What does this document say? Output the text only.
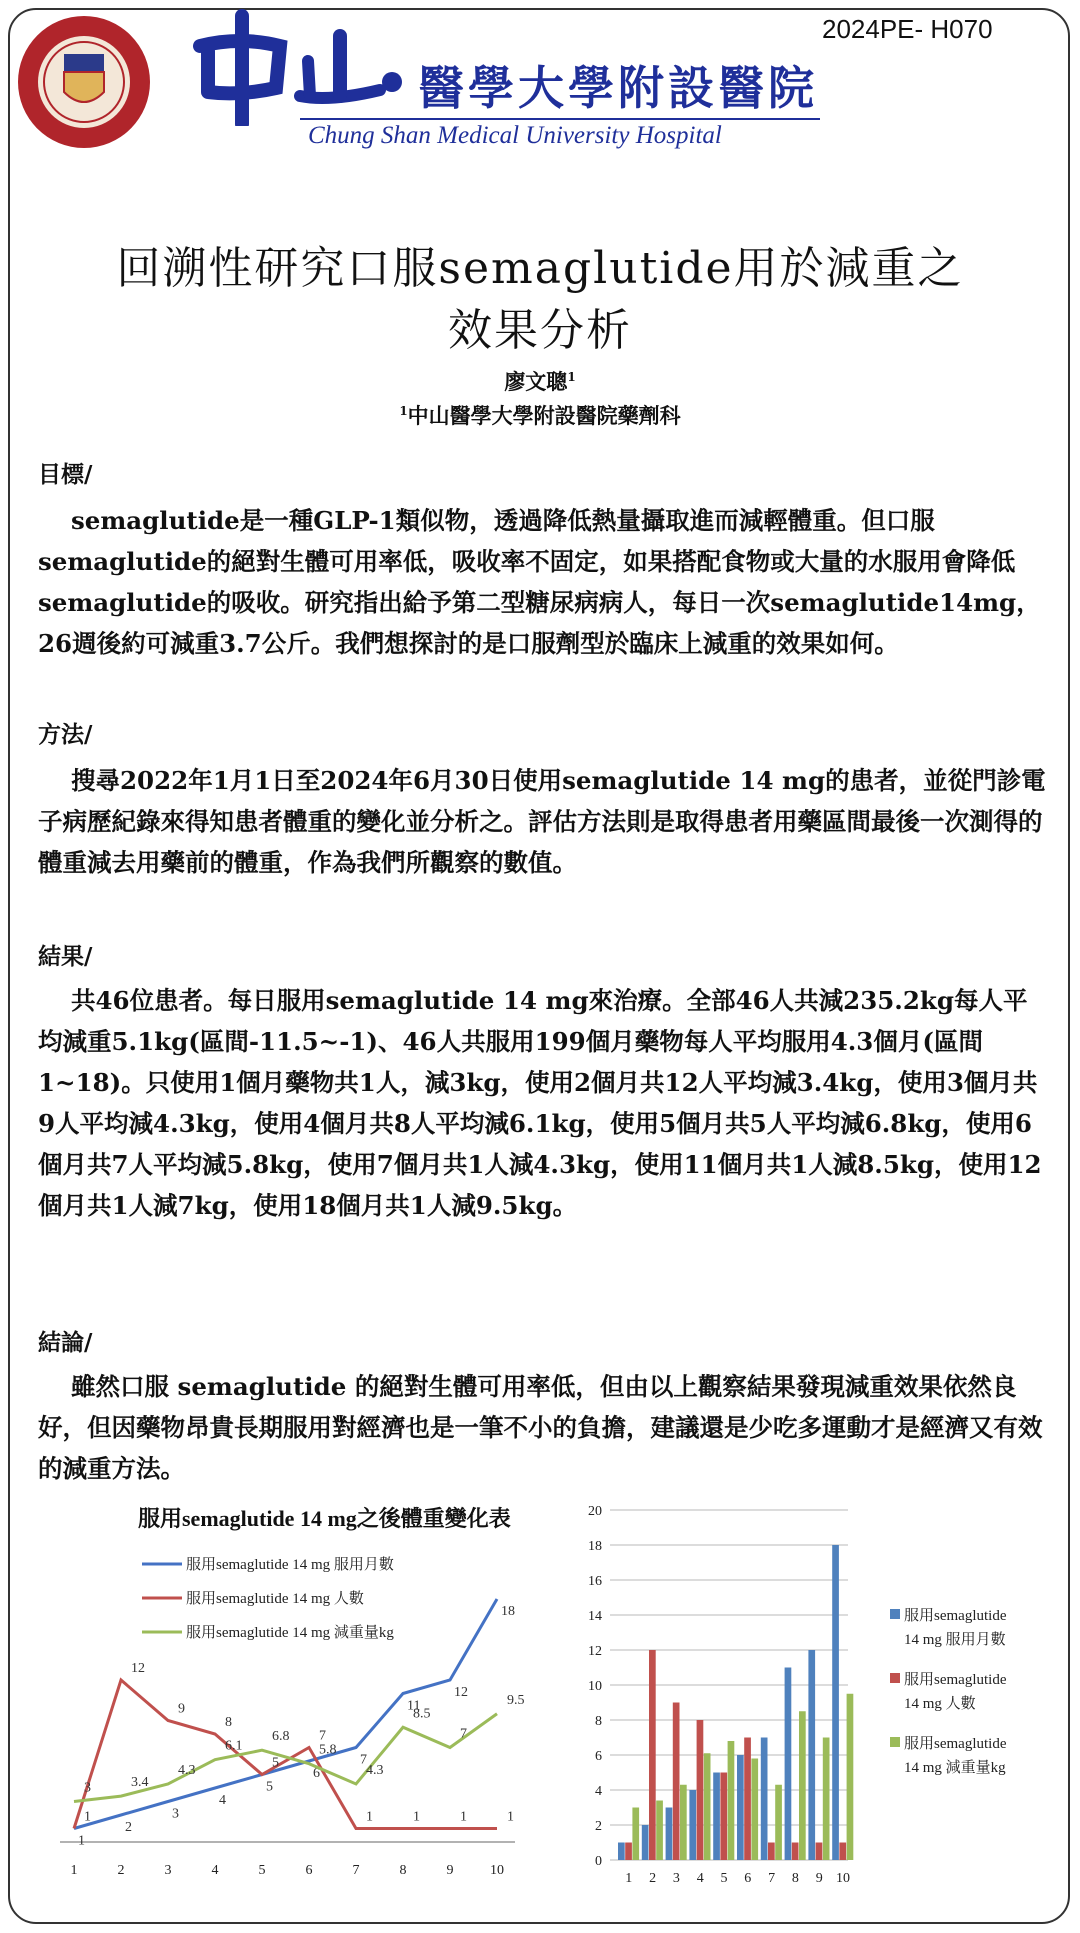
醫學大學附設醫院
Chung Shan Medical University Hospital
2024PE- H070
回溯性研究口服semaglutide用於減重之
效果分析
廖文聰$^1$
$^1$中山醫學大學附設醫院藥劑科
目標/
semaglutide是一種GLP-1類似物，透過降低熱量攝取進而減輕體重。但口服semaglutide的絕對生體可用率低，吸收率不固定，如果搭配食物或大量的水服用會降低semaglutide的吸收。研究指出給予第二型糖尿病病人，每日一次semaglutide14mg，26週後約可減重3.7公斤。我們想探討的是口服劑型於臨床上減重的效果如何。
方法/
搜尋2022年1月1日至2024年6月30日使用semaglutide 14 mg的患者，並從門診電子病歷紀錄來得知患者體重的變化並分析之。評估方法則是取得患者用藥區間最後一次測得的體重減去用藥前的體重，作為我們所觀察的數值。
結果/
共46位患者。每日服用semaglutide 14 mg來治療。全部46人共減235.2kg每人平均減重5.1kg(區間-11.5~-1)、46人共服用199個月藥物每人平均服用4.3個月(區間1~18)。只使用1個月藥物共1人，減3kg，使用2個月共12人平均減3.4kg，使用3個月共9人平均減4.3kg，使用4個月共8人平均減6.1kg，使用5個月共5人平均減6.8kg，使用6個月共7人平均減5.8kg，使用7個月共1人減4.3kg，使用11個月共1人減8.5kg，使用12個月共1人減7kg，使用18個月共1人減9.5kg。
結論/
雖然口服 semaglutide 的絕對生體可用率低，但由以上觀察結果發現減重效果依然良好，但因藥物昂貴長期服用對經濟也是一筆不小的負擔，建議還是少吃多運動才是經濟又有效的減重方法。
服用semaglutide 14 mg之後體重變化表
服用semaglutide 14 mg 服用月數
服用semaglutide 14 mg 人數
服用semaglutide 14 mg 減重量kg
1	2	3	4	5	6	7	8	9	10
1
2
3
4
5
6
7
11
12
18
1
12
9
8
5
7
1	1	1	1
3	3.4
4.3
6.1
6.8
5.8
4.3
8.5
7
9.5
0
2
4
6
8
10
12
14
16
18
20
1 2 3 4 5 6 7 8 9 10
服用semaglutide
14 mg 服用月數
服用semaglutide
14 mg 人數
服用semaglutide
14 mg 減重量kg
